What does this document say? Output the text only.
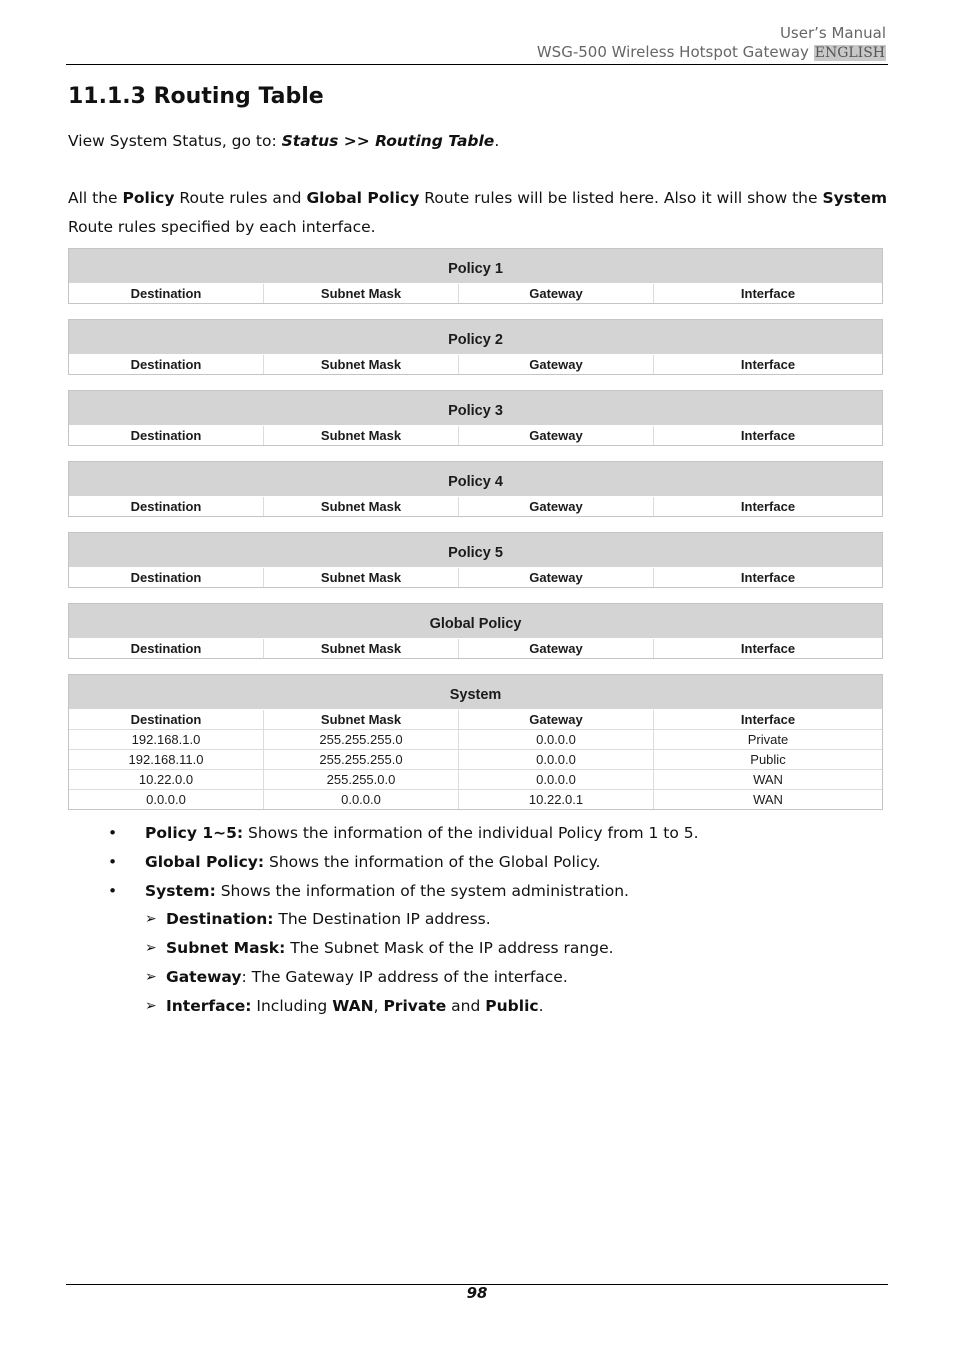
User’s Manual
WSG-500 Wireless Hotspot Gateway ENGLISH
11.1.3 Routing Table

View System Status, go to: Status >> Routing Table.

All the Policy Route rules and Global Policy Route rules will be listed here. Also it will show the System Route rules specified by each interface.

Policy 1
Destination	Subnet Mask	Gateway	Interface
Policy 2
Destination	Subnet Mask	Gateway	Interface
Policy 3
Destination	Subnet Mask	Gateway	Interface
Policy 4
Destination	Subnet Mask	Gateway	Interface
Policy 5
Destination	Subnet Mask	Gateway	Interface
Global Policy
Destination	Subnet Mask	Gateway	Interface
System
Destination	Subnet Mask	Gateway	Interface
192.168.1.0	255.255.255.0	0.0.0.0	Private
192.168.11.0	255.255.255.0	0.0.0.0	Public
10.22.0.0	255.255.0.0	0.0.0.0	WAN
0.0.0.0	0.0.0.0	10.22.0.1	WAN
• Policy 1~5: Shows the information of the individual Policy from 1 to 5.
• Global Policy: Shows the information of the Global Policy.
• System: Shows the information of the system administration.
➢ Destination: The Destination IP address.
➢ Subnet Mask: The Subnet Mask of the IP address range.
➢ Gateway: The Gateway IP address of the interface.
➢ Interface: Including WAN, Private and Public.
98
